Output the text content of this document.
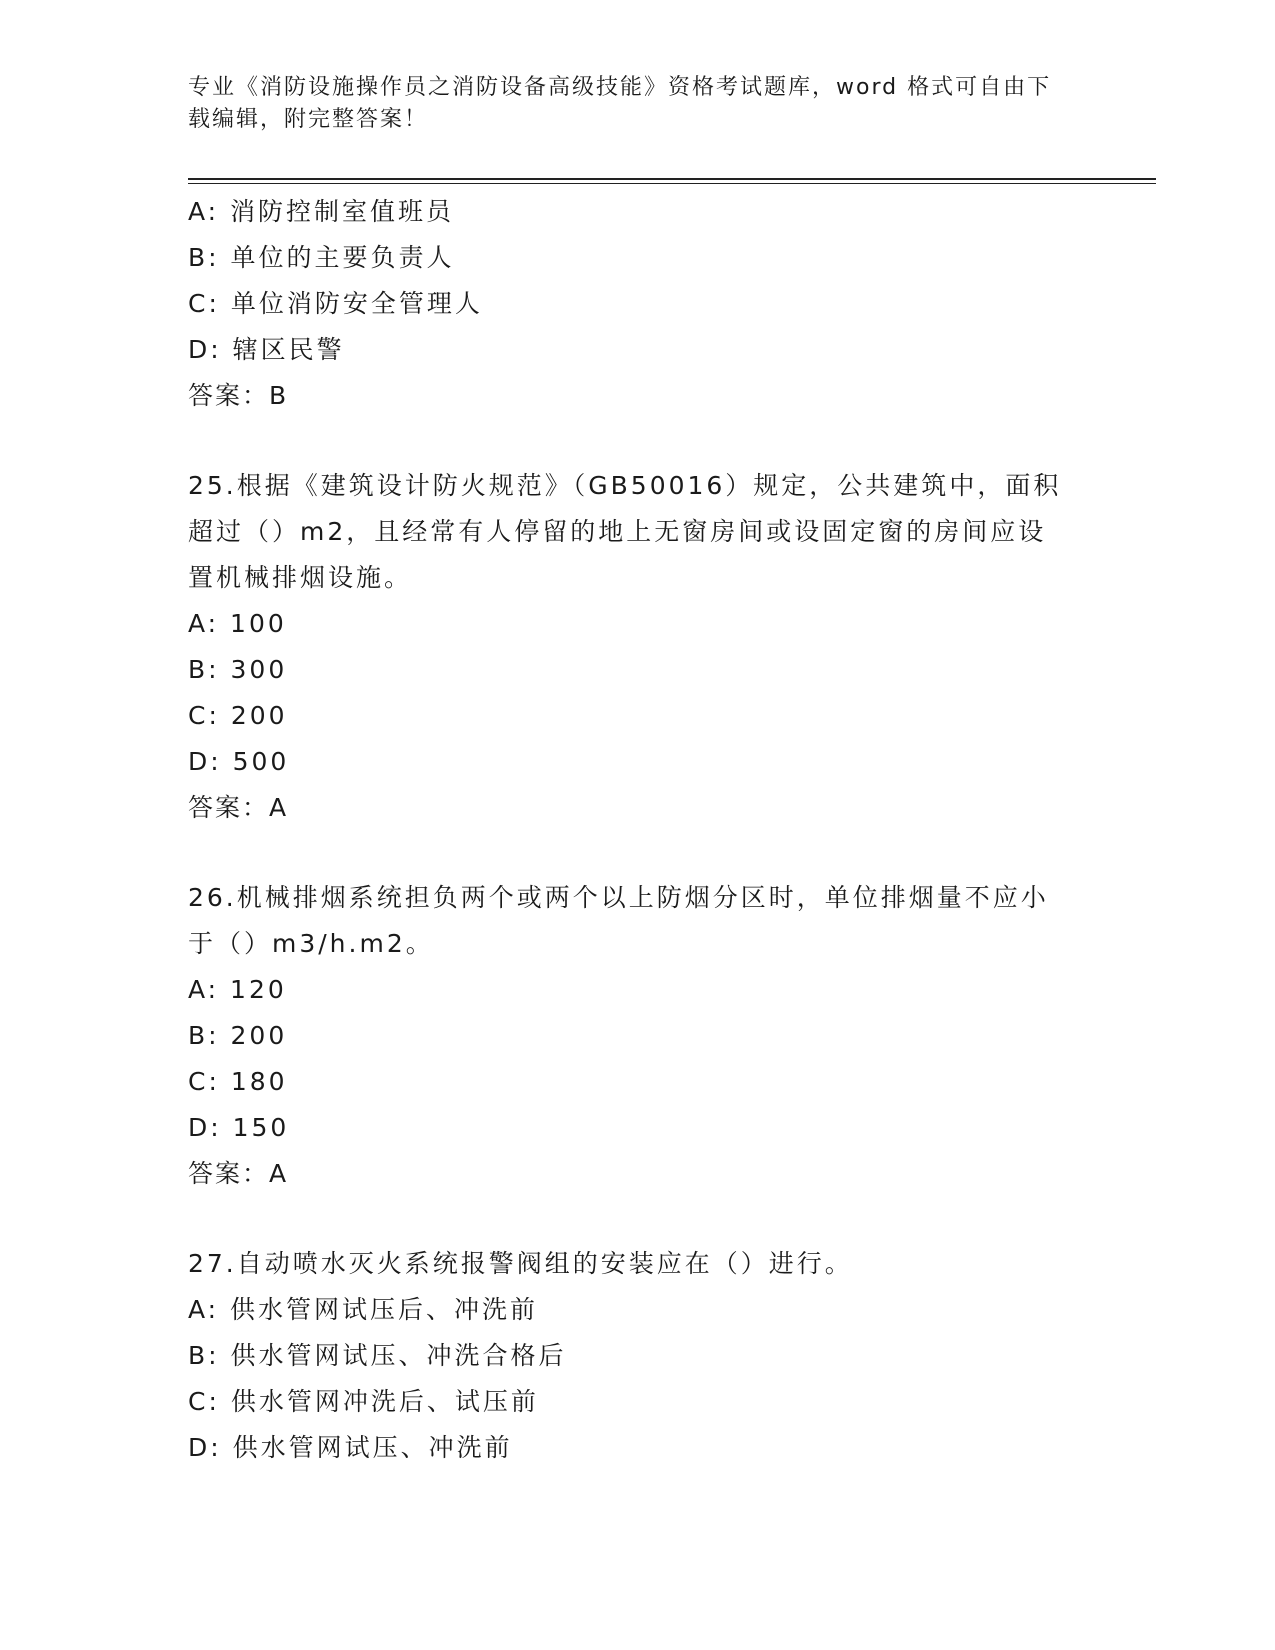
专业《消防设施操作员之消防设备高级技能》资格考试题库，word 格式可自由下
载编辑，附完整答案！
A: 消防控制室值班员
B: 单位的主要负责人
C: 单位消防安全管理人
D: 辖区民警
答案：B
25.根据《建筑设计防火规范》（GB50016）规定，公共建筑中，面积
超过（）m2，且经常有人停留的地上无窗房间或设固定窗的房间应设
置机械排烟设施。
A: 100
B: 300
C: 200
D: 500
答案：A
26.机械排烟系统担负两个或两个以上防烟分区时，单位排烟量不应小
于（）m3/h.m2。
A: 120
B: 200
C: 180
D: 150
答案：A
27.自动喷水灭火系统报警阀组的安装应在（）进行。
A: 供水管网试压后、冲洗前
B: 供水管网试压、冲洗合格后
C: 供水管网冲洗后、试压前
D: 供水管网试压、冲洗前
